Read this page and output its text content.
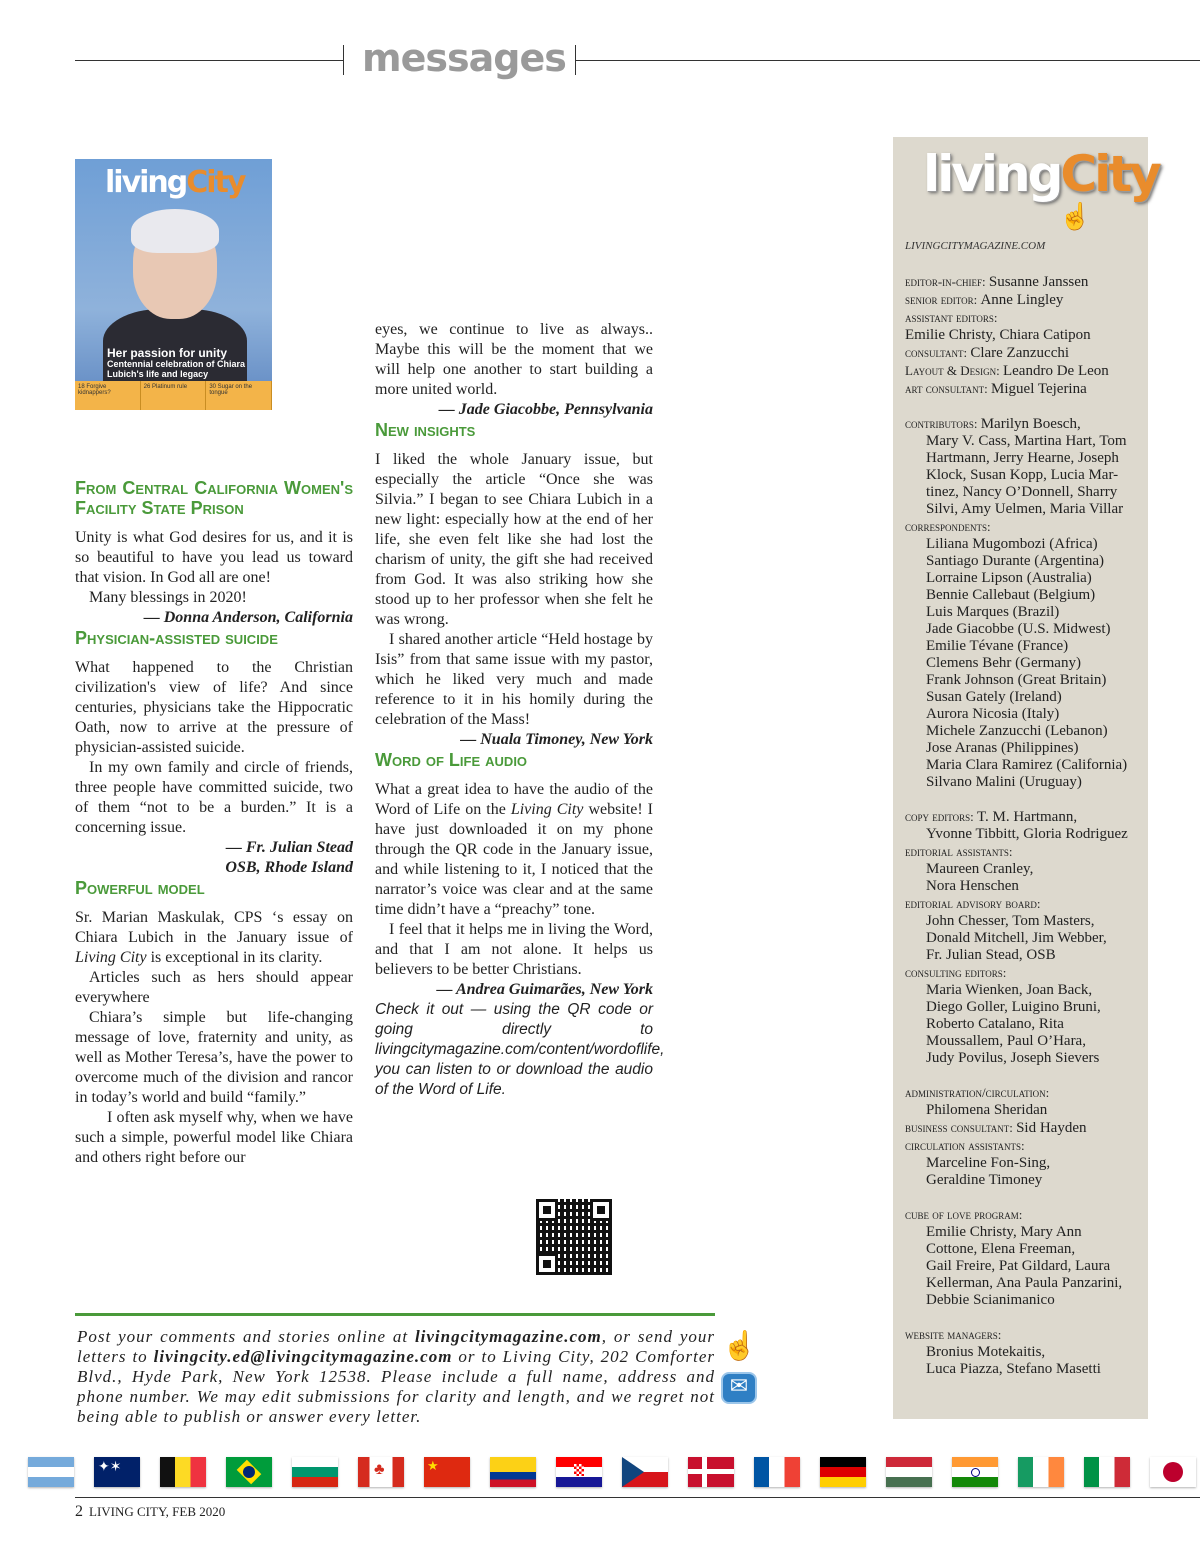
messages
livingCity
Her passion for unity
Centennial celebration of Chiara Lubich's life and legacy
18 Forgive kidnappers?
26 Platinum rule	30 Sugar on the tongue
From Central California Women's Facility State Prison

Unity is what God desires for us, and it is so beautiful to have you lead us toward that vision. In God all are one!

Many blessings in 2020!

— Donna Anderson, California

Physician-assisted suicide

What happened to the Christian civilization's view of life? And since centuries, physicians take the Hippocratic Oath, now to arrive at the pressure of physician-assisted suicide.

In my own family and circle of friends, three people have committed suicide, two of them “not to be a burden.” It is a concerning issue.

— Fr. Julian Stead

OSB, Rhode Island

Powerful model

Sr. Marian Maskulak, CPS ‘s essay on Chiara Lubich in the January issue of Living City is exceptional in its clarity.

Articles such as hers should appear everywhere

Chiara’s simple but life-changing message of love, fraternity and unity, as well as Mother Teresa’s, have the power to overcome much of the division and rancor in today’s world and build “family.”

I often ask myself why, when we have such a simple, powerful model like Chiara and others right before our

eyes, we continue to live as always.. Maybe this will be the moment that we will help one another to start building a more united world.

— Jade Giacobbe, Pennsylvania

New insights

I liked the whole January issue, but especially the article “Once she was Silvia.” I began to see Chiara Lubich in a new light: especially how at the end of her life, she even felt like she had lost the charism of unity, the gift she had received from God. It was also striking how she stood up to her professor when she felt he was wrong.

I shared another article “Held hostage by Isis” from that same issue with my pastor, which he liked very much and made reference to it in his homily during the celebration of the Mass!

— Nuala Timoney, New York

Word of Life audio

What a great idea to have the audio of the Word of Life on the Living City website! I have just downloaded it on my phone through the QR code in the January issue, and while listening to it, I noticed that the narrator’s voice was clear and at the same time didn’t have a “preachy” tone.

I feel that it helps me in living the Word, and that I am not alone. It helps us believers to be better Christians.

— Andrea Guimarães, New York

Check it out — using the QR code or going directly to livingcitymagazine.com/content/wordoflife, you can listen to or download the audio of the Word of Life.

Post your comments and stories online at livingcitymagazine.com, or send your letters to livingcity.ed@livingcitymagazine.com or to Living City, 202 Comforter Blvd., Hyde Park, New York 12538. Please include a full name, address and phone number. We may edit submissions for clarity and length, and we regret not being able to publish or answer every letter.
☝
✉
livingCity
☝
LIVINGCITYMAGAZINE.COM

editor-in-chief: Susanne Janssen

senior editor: Anne Lingley

assistant editors:

Emilie Christy, Chiara Catipon

consultant: Clare Zanzucchi

Layout & Design: Leandro De Leon

art consultant: Miguel Tejerina

contributors: Marilyn Boesch,

Mary V. Cass, Martina Hart, Tom

Hartmann, Jerry Hearne, Joseph

Klock, Susan Kopp, Lucia Mar-

tinez, Nancy O’Donnell, Sharry

Silvi, Amy Uelmen, Maria Villar

correspondents:

Liliana Mugombozi (Africa)

Santiago Durante (Argentina)

Lorraine Lipson (Australia)

Bennie Callebaut (Belgium)

Luis Marques (Brazil)

Jade Giacobbe (U.S. Midwest)

Emilie Tévane (France)

Clemens Behr (Germany)

Frank Johnson (Great Britain)

Susan Gately (Ireland)

Aurora Nicosia (Italy)

Michele Zanzucchi (Lebanon)

Jose Aranas (Philippines)

Maria Clara Ramirez (California)

Silvano Malini (Uruguay)

copy editors: T. M. Hartmann,

Yvonne Tibbitt, Gloria Rodriguez

editorial assistants:

Maureen Cranley,

Nora Henschen

editorial advisory board:

John Chesser, Tom Masters,

Donald Mitchell, Jim Webber,

Fr. Julian Stead, OSB

consulting editors:

Maria Wienken, Joan Back,

Diego Goller, Luigino Bruni,

Roberto Catalano, Rita

Moussallem, Paul O’Hara,

Judy Povilus, Joseph Sievers

administration/circulation:

Philomena Sheridan

business consultant: Sid Hayden

circulation assistants:

Marceline Fon-Sing,

Geraldine Timoney

cube of love program:

Emilie Christy, Mary Ann

Cottone, Elena Freeman,

Gail Freire, Pat Gildard, Laura

Kellerman, Ana Paula Panzarini,

Debbie Scianimanico

website managers:

Bronius Motekaitis,

Luca Piazza, Stefano Masetti

✦✶	♣	★
2 LIVING CITY, FEB 2020
